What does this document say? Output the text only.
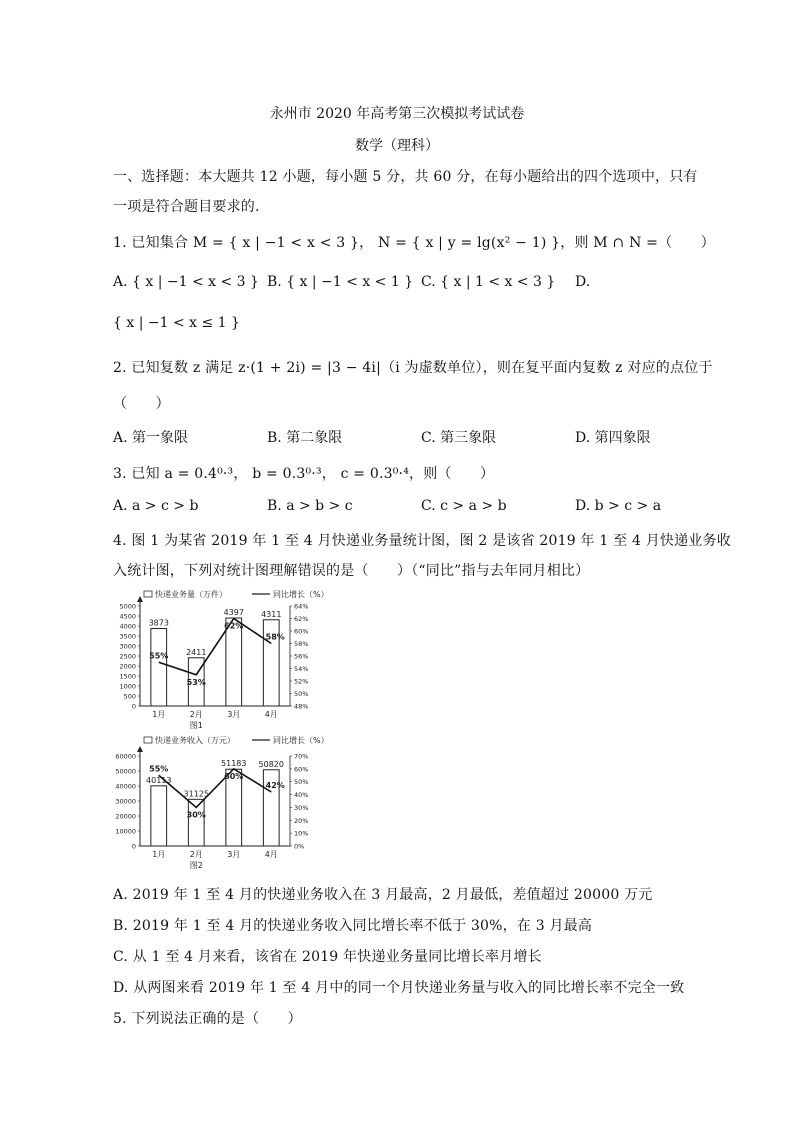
永州市 2020 年高考第三次模拟考试试卷
数学（理科）
一、选择题：本大题共 12 小题，每小题 5 分，共 60 分，在每小题给出的四个选项中，只有
一项是符合题目要求的.
1. 已知集合 M = { x | −1 < x < 3 }， N = { x | y = lg(x² − 1) }，则 M ∩ N =（　　）
A. { x | −1 < x < 3 } B. { x | −1 < x < 1 } C. { x | 1 < x < 3 } D.
{ x | −1 < x ≤ 1 }
2. 已知复数 z 满足 z·(1 + 2i) = |3 − 4i|（i 为虚数单位），则在复平面内复数 z 对应的点位于
（　　）
A. 第一象限	B. 第二象限	C. 第三象限	D. 第四象限
3. 已知 a = 0.4⁰·³， b = 0.3⁰·³， c = 0.3⁰·⁴，则（　　）
A. a > c > b	B. a > b > c	C. c > a > b	D. b > c > a
4. 图 1 为某省 2019 年 1 至 4 月快递业务量统计图，图 2 是该省 2019 年 1 至 4 月快递业务收
入统计图，下列对统计图理解错误的是（　　）（“同比”指与去年同月相比）
快递业务量（万件）	同比增长（%）
0
500
1000
1500
2000
2500
3000
3500
4000
4500
5000
48%
50%
52%
54%
56%
58%
60%
62%
64%
3873
1月
2411
2月
4397
3月
4311
4月
55%
53%
62%
58%
图1
快递业务收入（万元）	同比增长（%）
0
10000
20000
30000
40000
50000
60000
0%
10%
20%
30%
40%
50%
60%
70%
40113
1月
31125
2月
51183
3月
50820
4月
55%
30%
60%
42%
图2
A. 2019 年 1 至 4 月的快递业务收入在 3 月最高，2 月最低，差值超过 20000 万元
B. 2019 年 1 至 4 月的快递业务收入同比增长率不低于 30%，在 3 月最高
C. 从 1 至 4 月来看，该省在 2019 年快递业务量同比增长率月增长
D. 从两图来看 2019 年 1 至 4 月中的同一个月快递业务量与收入的同比增长率不完全一致
5. 下列说法正确的是（　　）
